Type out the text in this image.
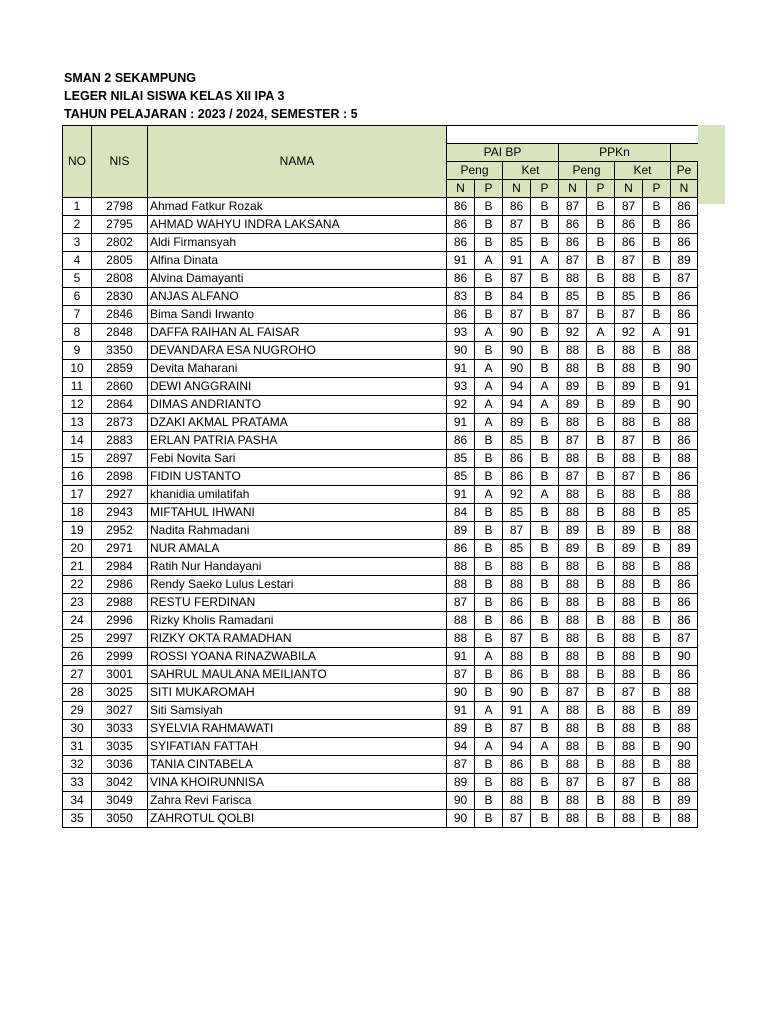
SMAN 2 SEKAMPUNG
LEGER NILAI SISWA KELAS XII IPA 3
TAHUN PELAJARAN : 2023 / 2024, SEMESTER : 5
NO	NIS	NAMA									
			PAI BP				PPKn				
			Peng		Ket		Peng		Ket		Pe
			N	P	N	P	N	P	N	P	N
1	2798	Ahmad Fatkur Rozak	86	B	86	B	87	B	87	B	86
2	2795	AHMAD WAHYU INDRA LAKSANA	86	B	87	B	86	B	86	B	86
3	2802	Aldi Firmansyah	86	B	85	B	86	B	86	B	86
4	2805	Alfina Dinata	91	A	91	A	87	B	87	B	89
5	2808	Alvina Damayanti	86	B	87	B	88	B	88	B	87
6	2830	ANJAS ALFANO	83	B	84	B	85	B	85	B	86
7	2846	Bima Sandi Irwanto	86	B	87	B	87	B	87	B	86
8	2848	DAFFA RAIHAN AL FAISAR	93	A	90	B	92	A	92	A	91
9	3350	DEVANDARA ESA NUGROHO	90	B	90	B	88	B	88	B	88
10	2859	Devita Maharani	91	A	90	B	88	B	88	B	90
11	2860	DEWI ANGGRAINI	93	A	94	A	89	B	89	B	91
12	2864	DIMAS ANDRIANTO	92	A	94	A	89	B	89	B	90
13	2873	DZAKI AKMAL PRATAMA	91	A	89	B	88	B	88	B	88
14	2883	ERLAN PATRIA PASHA	86	B	85	B	87	B	87	B	86
15	2897	Febi Novita Sari	85	B	86	B	88	B	88	B	88
16	2898	FIDIN USTANTO	85	B	86	B	87	B	87	B	86
17	2927	khanidia umilatifah	91	A	92	A	88	B	88	B	88
18	2943	MIFTAHUL IHWANI	84	B	85	B	88	B	88	B	85
19	2952	Nadita Rahmadani	89	B	87	B	89	B	89	B	88
20	2971	NUR AMALA	86	B	85	B	89	B	89	B	89
21	2984	Ratih Nur Handayani	88	B	88	B	88	B	88	B	88
22	2986	Rendy Saeko Lulus Lestari	88	B	88	B	88	B	88	B	86
23	2988	RESTU FERDINAN	87	B	86	B	88	B	88	B	86
24	2996	Rizky Kholis Ramadani	88	B	86	B	88	B	88	B	86
25	2997	RIZKY OKTA RAMADHAN	88	B	87	B	88	B	88	B	87
26	2999	ROSSI YOANA RINAZWABILA	91	A	88	B	88	B	88	B	90
27	3001	SAHRUL MAULANA MEILIANTO	87	B	86	B	88	B	88	B	86
28	3025	SITI MUKAROMAH	90	B	90	B	87	B	87	B	88
29	3027	Siti Samsiyah	91	A	91	A	88	B	88	B	89
30	3033	SYELVIA RAHMAWATI	89	B	87	B	88	B	88	B	88
31	3035	SYIFATIAN FATTAH	94	A	94	A	88	B	88	B	90
32	3036	TANIA CINTABELA	87	B	86	B	88	B	88	B	88
33	3042	VINA KHOIRUNNISA	89	B	88	B	87	B	87	B	88
34	3049	Zahra Revi Farisca	90	B	88	B	88	B	88	B	89
35	3050	ZAHROTUL QOLBI	90	B	87	B	88	B	88	B	88
